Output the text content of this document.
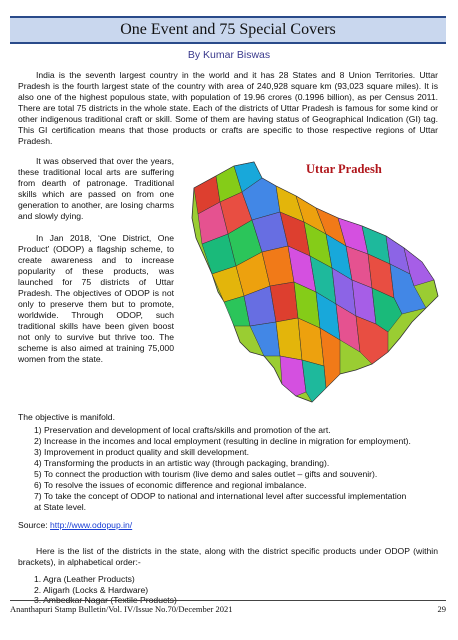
One Event and 75 Special Covers
By Kumar Biswas

India is the seventh largest country in the world and it has 28 States and 8 Union Territories. Uttar Pradesh is the fourth largest state of the country with area of 240,928 square km (93,023 square miles). It is also one of the highest populous state, with population of 19.96 crores (0.1996 billion), as per Census 2011. There are total 75 districts in the whole state. Each of the districts of Uttar Pradesh is famous for some kind or other indigenous traditional craft or skill. Some of them are having status of Geographical Indication (GI) tag. This GI certification means that those products or crafts are specific to those respective regions of Uttar Pradesh.

It was observed that over the years, these traditional local arts are suffering from dearth of patronage. Traditional skills which are passed on from one generation to another, are losing charms and slowly dying.

In Jan 2018, ‘One District, One Product’ (ODOP) a flagship scheme, to create awareness and to increase popularity of these products, was launched for 75 districts of Uttar Pradesh. The objectives of ODOP is not only to preserve them but to promote, worldwide. Through ODOP, such traditional skills have been given boost not only to survive but thrive too. The scheme is also aimed at training 75,000 women from the state.

Uttar Pradesh

The objective is manifold.

1) Preservation and development of local crafts/skills and promotion of the art.
2) Increase in the incomes and local employment (resulting in decline in migration for employment).
3) Improvement in product quality and skill development.
4) Transforming the products in an artistic way (through packaging, branding).
5) To connect the production with tourism (live demo and sales outlet – gifts and souvenir).
6) To resolve the issues of economic difference and regional imbalance.
7) To take the concept of ODOP to national and international level after successful implementation
at State level.

Source: http://www.odopup.in/

Here is the list of the districts in the state, along with the district specific products under ODOP (within brackets), in alphabetical order:-

1. Agra (Leather Products)
2. Aligarh (Locks & Hardware)
3. Ambedkar Nagar (Textile Products)
Ananthapuri Stamp Bulletin/Vol. IV/Issue No.70/December 2021	29
